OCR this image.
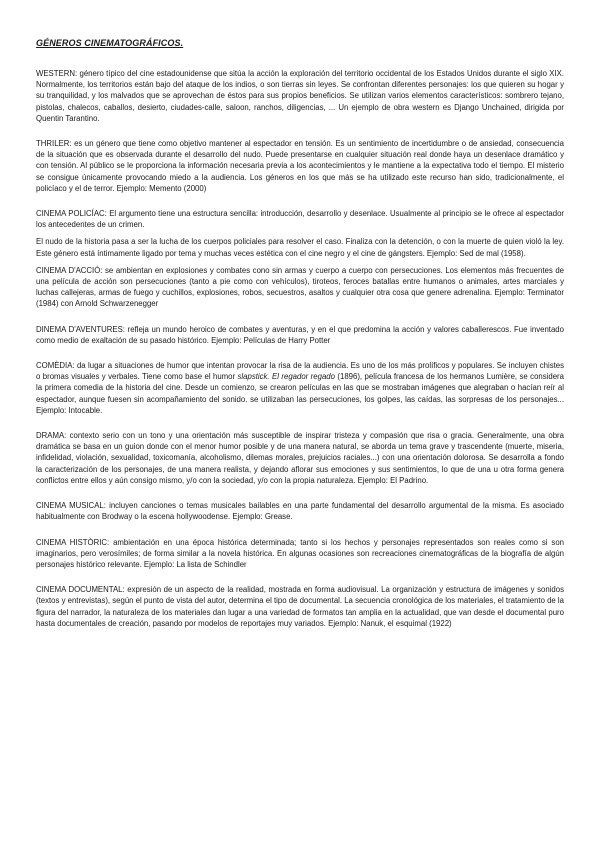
GÉNEROS CINEMATOGRÁFICOS.

WESTERN: género típico del cine estadounidense que sitúa la acción la exploración del territorio occidental de los Estados Unidos durante el siglo XIX. Normalmente, los territorios están bajo del ataque de los indios, o son tierras sin leyes. Se confrontan diferentes personajes: los que quieren su hogar y su tranquilidad, y los malvados que se aprovechan de éstos para sus propios beneficios. Se utilizan varios elementos característicos: sombrero tejano, pistolas, chalecos, caballos, desierto, ciudades-calle, saloon, ranchos, diligencias, ... Un ejemplo de obra western es Django Unchained, dirigida por Quentin Tarantino.

THRILER: es un género que tiene como objetivo mantener al espectador en tensión. Es un sentimiento de incertidumbre o de ansiedad, consecuencia de la situación que es observada durante el desarrollo del nudo. Puede presentarse en cualquier situación real donde haya un desenlace dramático y con tensión. Al público se le proporciona la información necesaria previa a los acontecimientos y le mantiene a la expectativa todo el tiempo. El misterio se consigue únicamente provocando miedo a la audiencia. Los géneros en los que más se ha utilizado este recurso han sido, tradicionalmente, el policíaco y el de terror. Ejemplo: Memento (2000)

CINEMA POLICÍAC: El argumento tiene una estructura sencilla: introducción, desarrollo y desenlace. Usualmente al principio se le ofrece al espectador los antecedentes de un crimen.

El nudo de la historia pasa a ser la lucha de los cuerpos policiales para resolver el caso. Finaliza con la detención, o con la muerte de quien violó la ley. Este género está íntimamente ligado por tema y muchas veces estética con el cine negro y el cine de gángsters. Ejemplo: Sed de mal (1958).

CINEMA D'ACCIÓ: se ambientan en explosiones y combates cono sin armas y cuerpo a cuerpo con persecuciones. Los elementos más frecuentes de una película de acción son persecuciones (tanto a pie como con vehículos), tiroteos, feroces batallas entre humanos o animales, artes marciales y luchas callejeras, armas de fuego y cuchillos, explosiones, robos, secuestros, asaltos y cualquier otra cosa que genere adrenalina. Ejemplo: Terminator (1984) con Arnold Schwarzenegger

DINEMA D'AVENTURES: refleja un mundo heroico de combates y aventuras, y en el que predomina la acción y valores caballerescos. Fue inventado como medio de exaltación de su pasado histórico. Ejemplo: Películas de Harry Potter

COMÈDIA: da lugar a situaciones de humor que intentan provocar la risa de la audiencia. Es uno de los más prolíficos y populares. Se incluyen chistes o bromas visuales y verbales. Tiene como base el humor slapstick. El regador regado (1896), película francesa de los hermanos Lumière, se considera la primera comedia de la historia del cine. Desde un comienzo, se crearon películas en las que se mostraban imágenes que alegraban o hacían reír al espectador, aunque fuesen sin acompañamiento del sonido. se utilizaban las persecuciones, los golpes, las caídas, las sorpresas de los personajes... Ejemplo: Intocable.

DRAMA: contexto serio con un tono y una orientación más susceptible de inspirar tristeza y compasión que risa o gracia. Generalmente, una obra dramática se basa en un guion donde con el menor humor posible y de una manera natural, se aborda un tema grave y trascendente (muerte, miseria, infidelidad, violación, sexualidad, toxicomanía, alcoholismo, dilemas morales, prejuicios raciales...) con una orientación dolorosa. Se desarrolla a fondo la caracterización de los personajes, de una manera realista, y dejando aflorar sus emociones y sus sentimientos, lo que de una u otra forma genera conflictos entre ellos y aún consigo mismo, y/o con la sociedad, y/o con la propia naturaleza. Ejemplo: El Padrino.

CINEMA MUSICAL: incluyen canciones o temas musicales bailables en una parte fundamental del desarrollo argumental de la misma. Es asociado habitualmente con Brodway o la escena hollywoodense. Ejemplo: Grease.

CINEMA HISTÒRIC: ambientación en una época histórica determinada; tanto si los hechos y personajes representados son reales como si son imaginarios, pero verosímiles; de forma similar a la novela histórica. En algunas ocasiones son recreaciones cinematográficas de la biografía de algún personajes histórico relevante. Ejemplo: La lista de Schindler

CINEMA DOCUMENTAL: expresión de un aspecto de la realidad, mostrada en forma audiovisual. La organización y estructura de imágenes y sonidos (textos y entrevistas), según el punto de vista del autor, determina el tipo de documental. La secuencia cronológica de los materiales, el tratamiento de la figura del narrador, la naturaleza de los materiales dan lugar a una variedad de formatos tan amplia en la actualidad, que van desde el documental puro hasta documentales de creación, pasando por modelos de reportajes muy variados. Ejemplo: Nanuk, el esquimal (1922)
